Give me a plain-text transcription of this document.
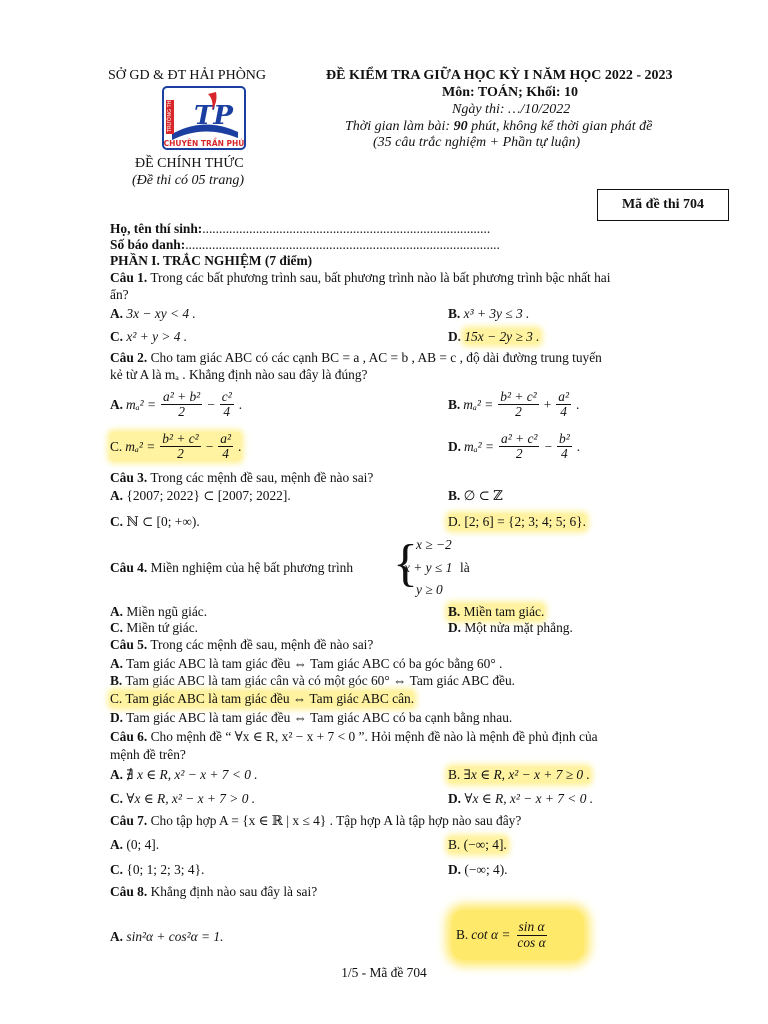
SỞ GD & ĐT HẢI PHÒNG
TP
TRƯỜNG THPT
CHUYÊN TRẦN PHÚ
ĐỀ CHÍNH THỨC
(Đề thi có 05 trang)
ĐỀ KIỂM TRA GIỮA HỌC KỲ I NĂM HỌC 2022 - 2023
Môn: TOÁN; Khối: 10
Ngày thi: …/10/2022
Thời gian làm bài: 90 phút, không kể thời gian phát đề
(35 câu trắc nghiệm + Phần tự luận)
Mã đề thi 704
Họ, tên thí sinh:......................................................................................
Số báo danh:..............................................................................................
PHẦN I. TRẮC NGHIỆM (7 điểm)
Câu 1. Trong các bất phương trình sau, bất phương trình nào là bất phương trình bậc nhất hai
ẩn?
A. 3x − xy < 4 .	B. x³ + 3y ≤ 3 .
C. x² + y > 4 .	D. 15x − 2y ≥ 3 .
Câu 2. Cho tam giác ABC có các cạnh BC = a , AC = b , AB = c , độ dài đường trung tuyến
kẻ từ A là mₐ . Khẳng định nào sau đây là đúng?
A. $m_a^2 = \frac{\text{a² + b²}}{2} - \frac{\text{c²}}{4}$ .	B. $m_a^2 = \frac{\text{b² + c²}}{2} + \frac{\text{a²}}{4}$ .
C. $m_a^2 = \frac{\text{b² + c²}}{2} - \frac{\text{a²}}{4}$ .	D. $m_a^2 = \frac{\text{a² + c²}}{2} - \frac{\text{b²}}{4}$ .
Câu 3. Trong các mệnh đề sau, mệnh đề nào sai?
A. {2007; 2022} ⊂ [2007; 2022].	B. ∅ ⊂ ℤ
C. ℕ ⊂ [0; +∞).	D. [2; 6] = {2; 3; 4; 5; 6}.
Câu 4. Miền nghiệm của hệ bất phương trình {
x ≥ −2
x + y ≤ 1
y ≥ 0
là
A. Miền ngũ giác.	B. Miền tam giác.
C. Miền tứ giác.	D. Một nửa mặt phẳng.
Câu 5. Trong các mệnh đề sau, mệnh đề nào sai?
A. Tam giác ABC là tam giác đều ⇔ Tam giác ABC có ba góc bằng 60° .
B. Tam giác ABC là tam giác cân và có một góc 60° ⇔ Tam giác ABC đều.
C. Tam giác ABC là tam giác đều ⇔ Tam giác ABC cân.
D. Tam giác ABC là tam giác đều ⇔ Tam giác ABC có ba cạnh bằng nhau.
Câu 6. Cho mệnh đề “ ∀x ∈ R, x² − x + 7 < 0 ”. Hỏi mệnh đề nào là mệnh đề phủ định của
mệnh đề trên?
A. ∄ x ∈ R, x² − x + 7 < 0 .	B. ∃x ∈ R, x² − x + 7 ≥ 0 .
C. ∀x ∈ R, x² − x + 7 > 0 .	D. ∀x ∈ R, x² − x + 7 < 0 .
Câu 7. Cho tập hợp A = {x ∈ ℝ | x ≤ 4} . Tập hợp A là tập hợp nào sau đây?
A. (0; 4].	B. (−∞; 4].
C. {0; 1; 2; 3; 4}.	D. (−∞; 4).
Câu 8. Khẳng định nào sau đây là sai?
A. sin²α + cos²α = 1.	B. $\cot \alpha = \frac{\text{sin α}}{\text{cos α}}$
1/5 - Mã đề 704
